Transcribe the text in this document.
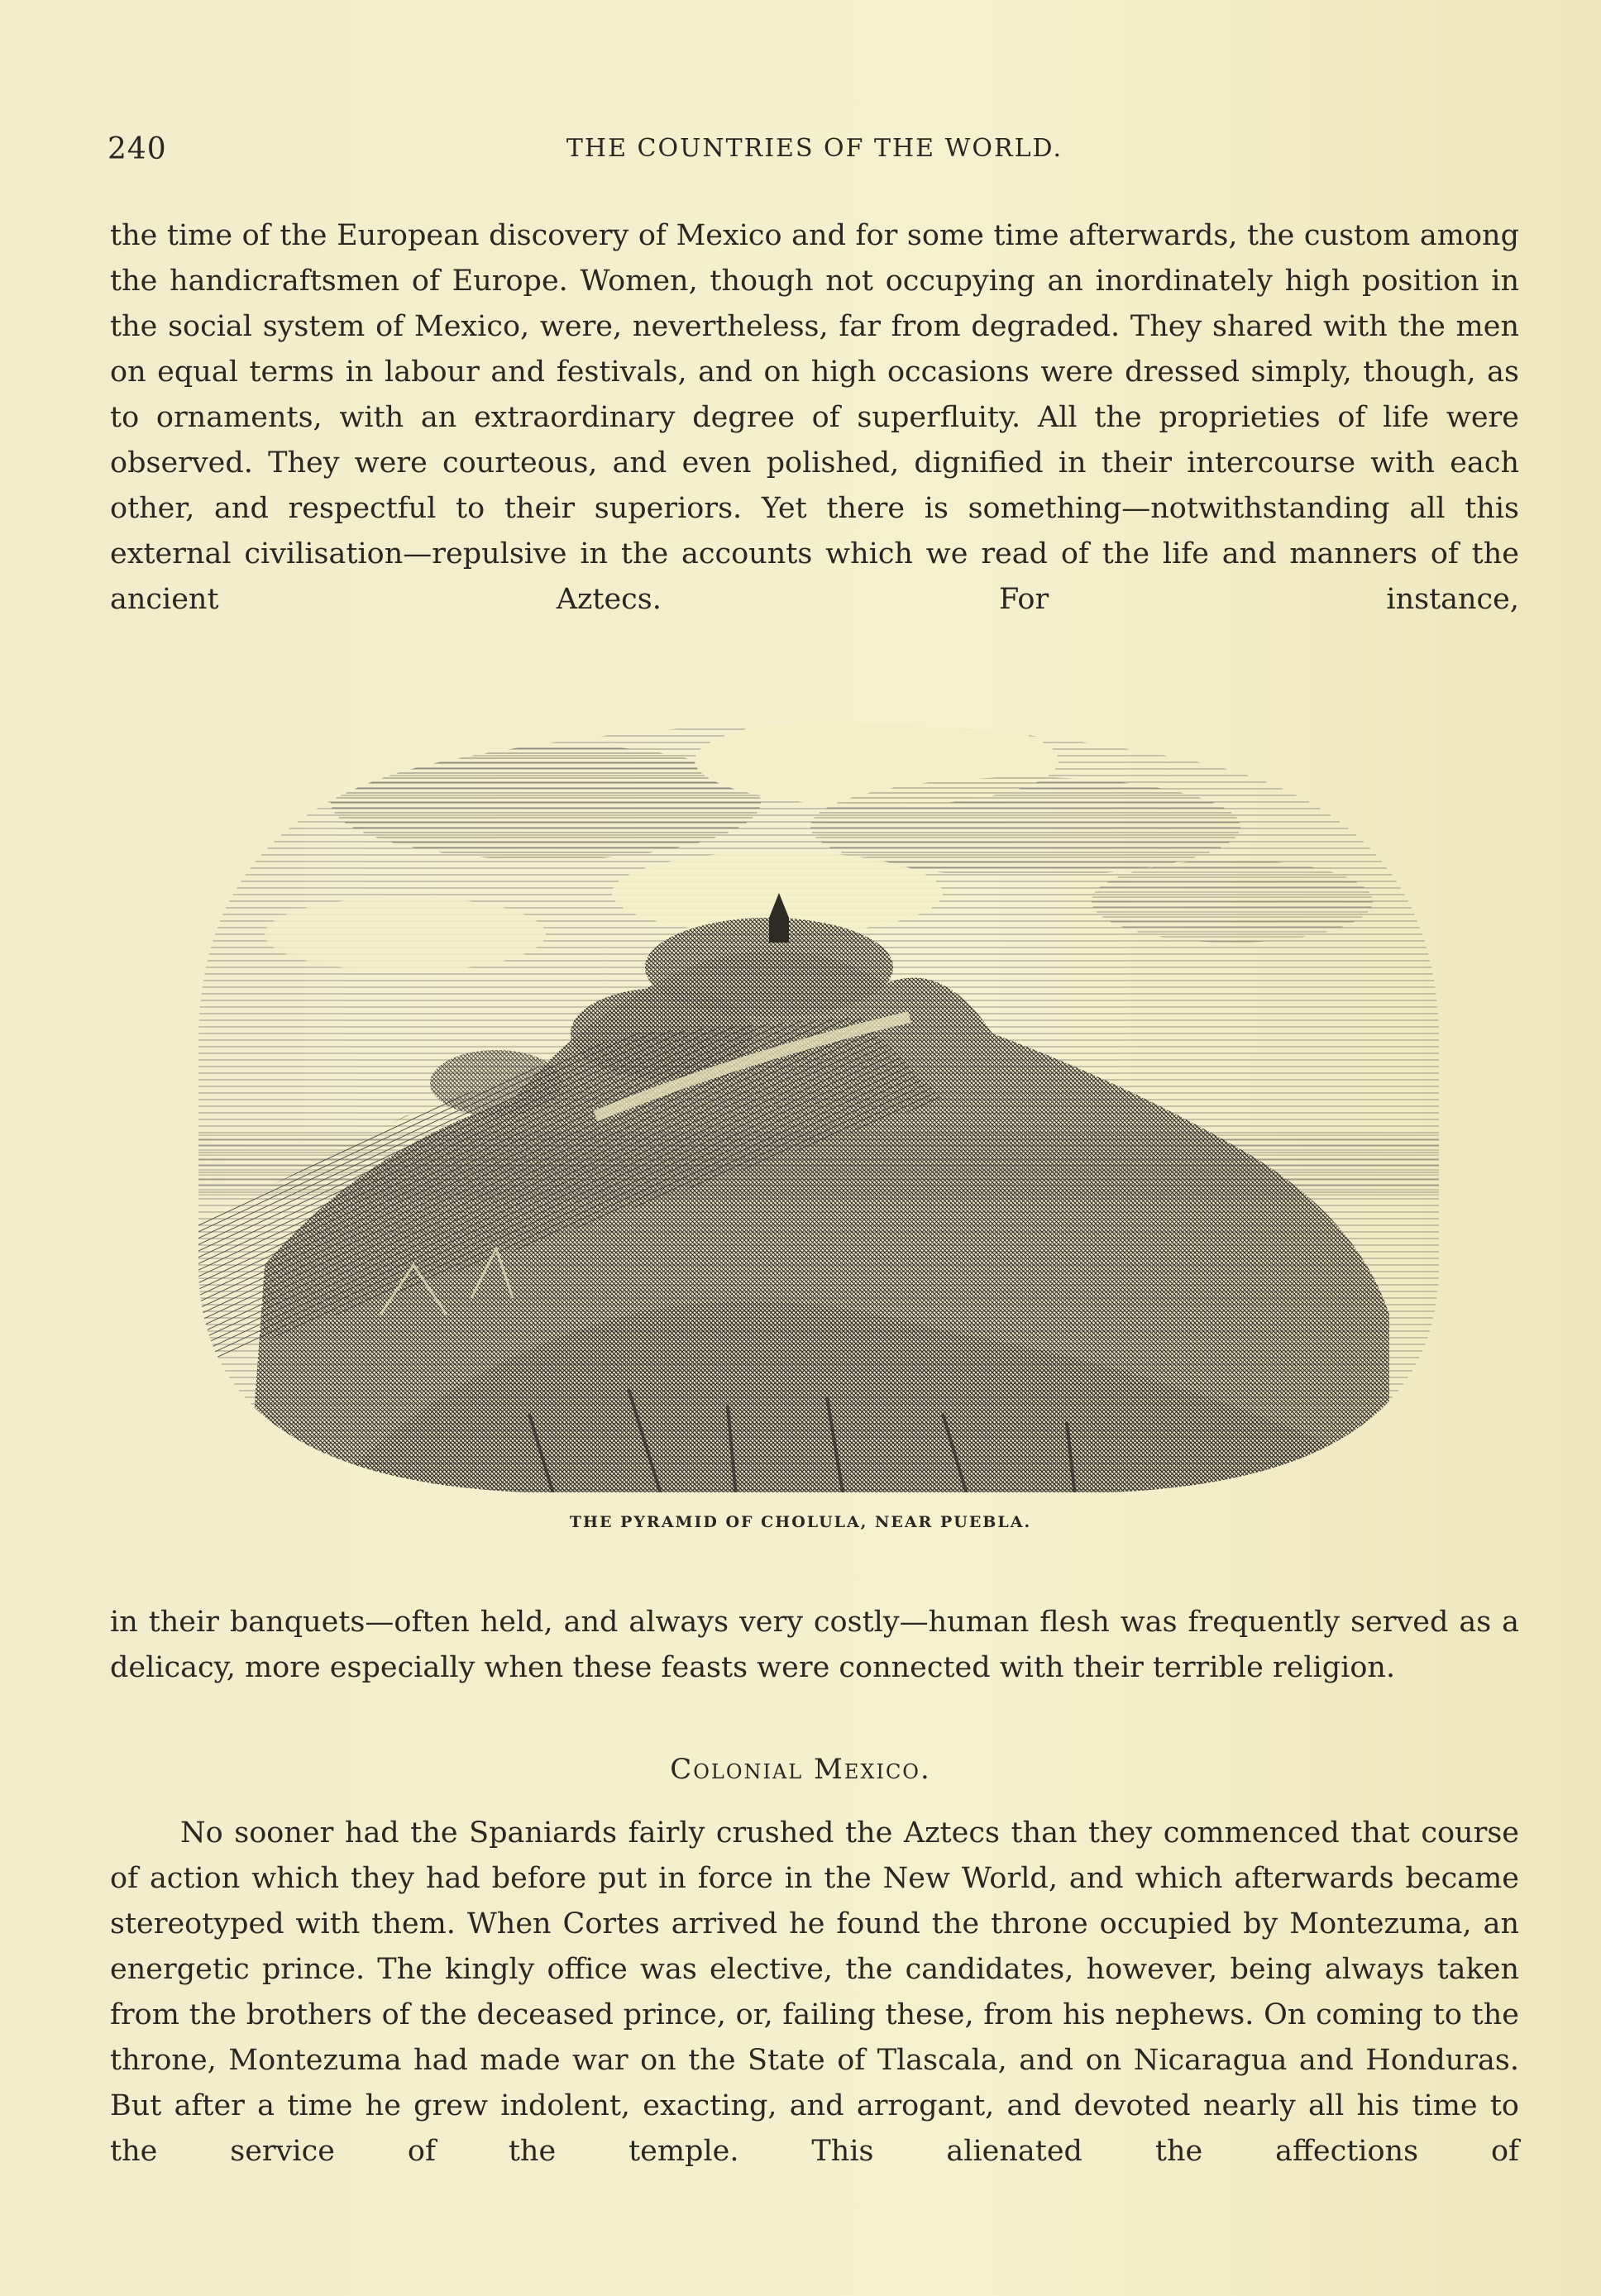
240	THE COUNTRIES OF THE WORLD.

the time of the European discovery of Mexico and for some time afterwards, the custom among the handicraftsmen of Europe. Women, though not occupying an inordinately high position in the social system of Mexico, were, nevertheless, far from degraded. They shared with the men on equal terms in labour and festivals, and on high occasions were dressed simply, though, as to ornaments, with an extraordinary degree of superfluity. All the proprieties of life were observed. They were courteous, and even polished, dignified in their intercourse with each other, and respectful to their superiors. Yet there is something—notwithstanding all this external civilisation—repulsive in the accounts which we read of the life and manners of the ancient Aztecs. For instance,

THE PYRAMID OF CHOLULA, NEAR PUEBLA.

in their banquets—often held, and always very costly—human flesh was frequently served as a delicacy, more especially when these feasts were connected with their terrible religion.

Colonial Mexico.

No sooner had the Spaniards fairly crushed the Aztecs than they commenced that course of action which they had before put in force in the New World, and which afterwards became stereotyped with them. When Cortes arrived he found the throne occupied by Montezuma, an energetic prince. The kingly office was elective, the candidates, however, being always taken from the brothers of the deceased prince, or, failing these, from his nephews. On coming to the throne, Montezuma had made war on the State of Tlascala, and on Nicaragua and Honduras. But after a time he grew indolent, exacting, and arrogant, and devoted nearly all his time to the service of the temple. This alienated the affections of
